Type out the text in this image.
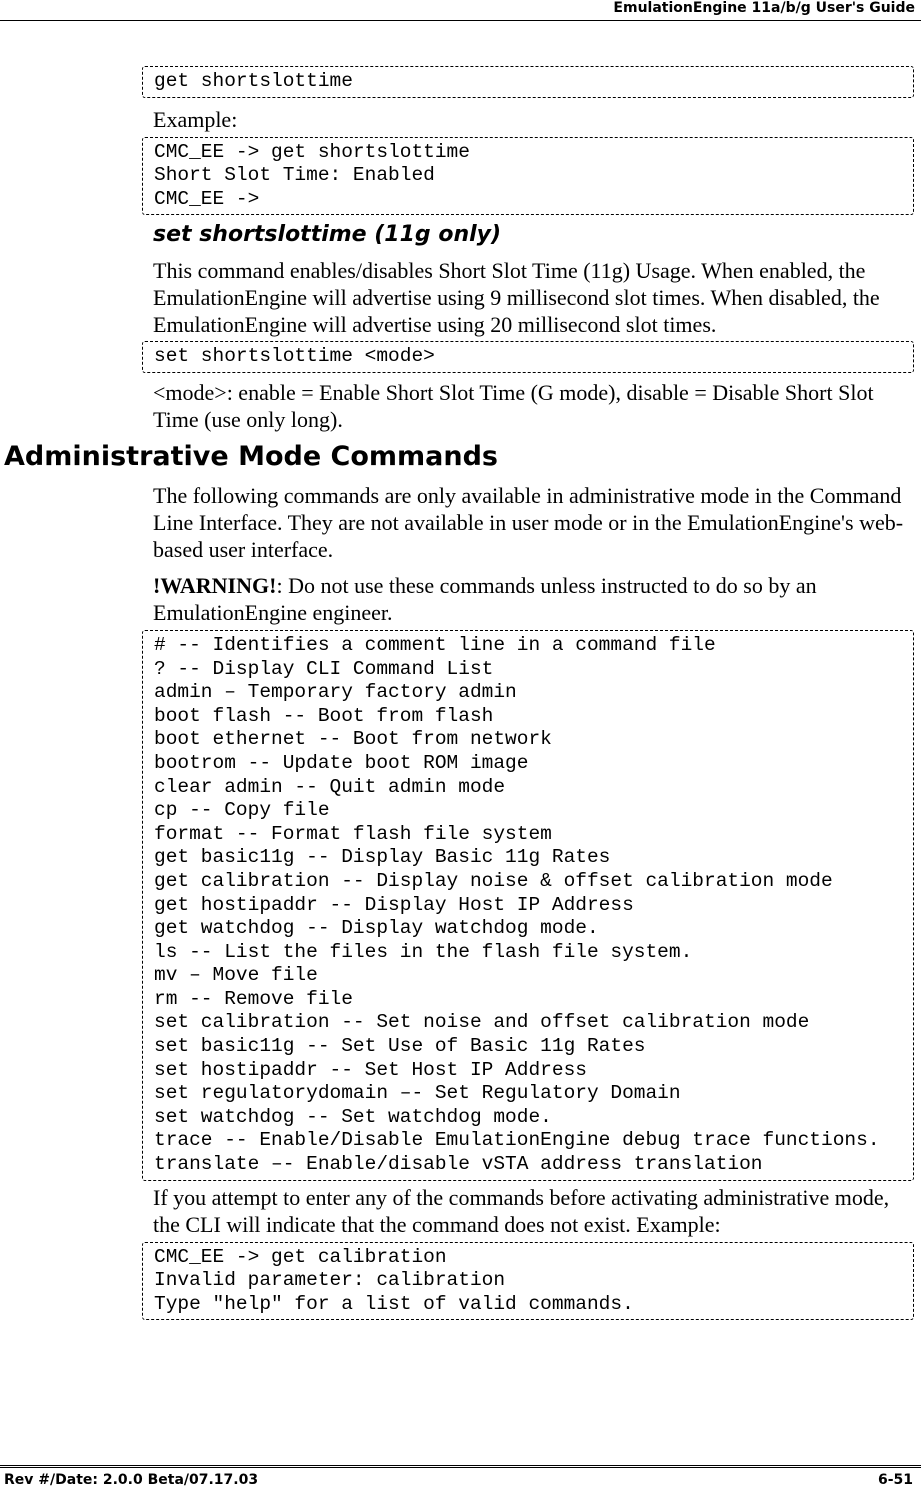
EmulationEngine 11a/b/g User's Guide
get shortslottime
Example:
CMC_EE -> get shortslottime
Short Slot Time: Enabled
CMC_EE ->
set shortslottime (11g only)
This command enables/disables Short Slot Time (11g) Usage. When enabled, the EmulationEngine will advertise using 9 millisecond slot times. When disabled, the EmulationEngine will advertise using 20 millisecond slot times.
set shortslottime <mode>
<mode>: enable = Enable Short Slot Time (G mode), disable = Disable Short Slot Time (use only long).
Administrative Mode Commands
The following commands are only available in administrative mode in the Command Line Interface. They are not available in user mode or in the EmulationEngine's web-based user interface.
!WARNING!: Do not use these commands unless instructed to do so by an EmulationEngine engineer.
# -- Identifies a comment line in a command file
? -- Display CLI Command List
admin – Temporary factory admin
boot flash -- Boot from flash
boot ethernet -- Boot from network
bootrom -- Update boot ROM image
clear admin -- Quit admin mode
cp -- Copy file
format -- Format flash file system
get basic11g -- Display Basic 11g Rates
get calibration -- Display noise & offset calibration mode
get hostipaddr -- Display Host IP Address
get watchdog -- Display watchdog mode.
ls -- List the files in the flash file system.
mv – Move file
rm -- Remove file
set calibration -- Set noise and offset calibration mode
set basic11g -- Set Use of Basic 11g Rates
set hostipaddr -- Set Host IP Address
set regulatorydomain –- Set Regulatory Domain
set watchdog -- Set watchdog mode.
trace -- Enable/Disable EmulationEngine debug trace functions.
translate –- Enable/disable vSTA address translation
If you attempt to enter any of the commands before activating administrative mode, the CLI will indicate that the command does not exist. Example:
CMC_EE -> get calibration
Invalid parameter: calibration
Type "help" for a list of valid commands.
Rev #/Date: 2.0.0 Beta/07.17.03	6-51
